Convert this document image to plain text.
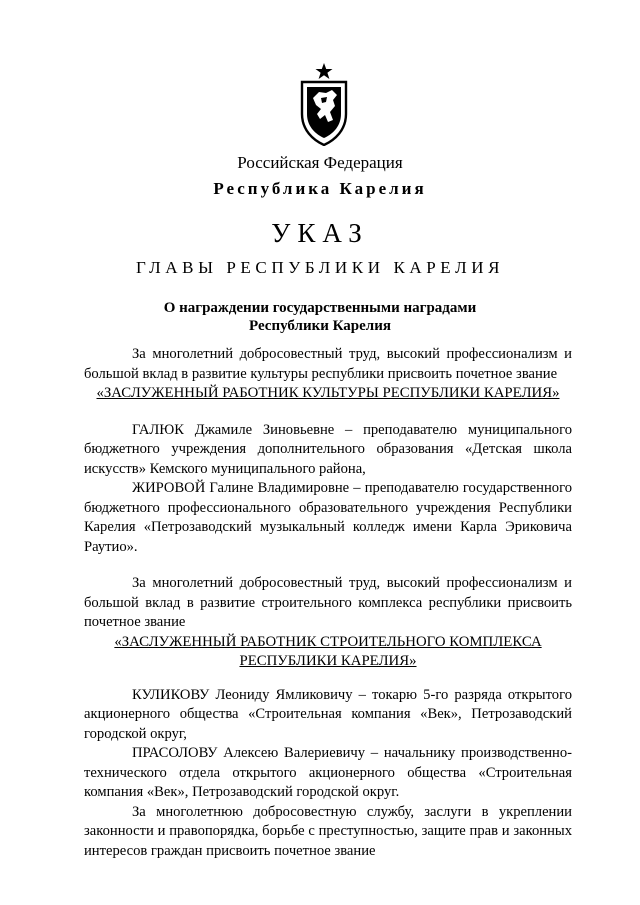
Российская Федерация
Республика Карелия
УКАЗ
ГЛАВЫ РЕСПУБЛИКИ КАРЕЛИЯ
О награждении государственными наградами
Республики Карелия

За многолетний добросовестный труд, высокий профессионализм и большой вклад в развитие культуры республики присвоить почетное звание

«ЗАСЛУЖЕННЫЙ РАБОТНИК КУЛЬТУРЫ РЕСПУБЛИКИ КАРЕЛИЯ»

ГАЛЮК Джамиле Зиновьевне – преподавателю муниципального бюджетного учреждения дополнительного образования «Детская школа искусств» Кемского муниципального района,

ЖИРОВОЙ Галине Владимировне – преподавателю государственного бюджетного профессионального образовательного учреждения Республики Карелия «Петрозаводский музыкальный колледж имени Карла Эриковича Раутио».

За многолетний добросовестный труд, высокий профессионализм и большой вклад в развитие строительного комплекса республики присвоить почетное звание

«ЗАСЛУЖЕННЫЙ РАБОТНИК СТРОИТЕЛЬНОГО КОМПЛЕКСА

РЕСПУБЛИКИ КАРЕЛИЯ»

КУЛИКОВУ Леониду Ямликовичу – токарю 5-го разряда открытого акционерного общества «Строительная компания «Век», Петрозаводский городской округ,

ПРАСОЛОВУ Алексею Валериевичу – начальнику производственно-технического отдела открытого акционерного общества «Строительная компания «Век», Петрозаводский городской округ.

За многолетнюю добросовестную службу, заслуги в укреплении законности и правопорядка, борьбе с преступностью, защите прав и законных интересов граждан присвоить почетное звание
